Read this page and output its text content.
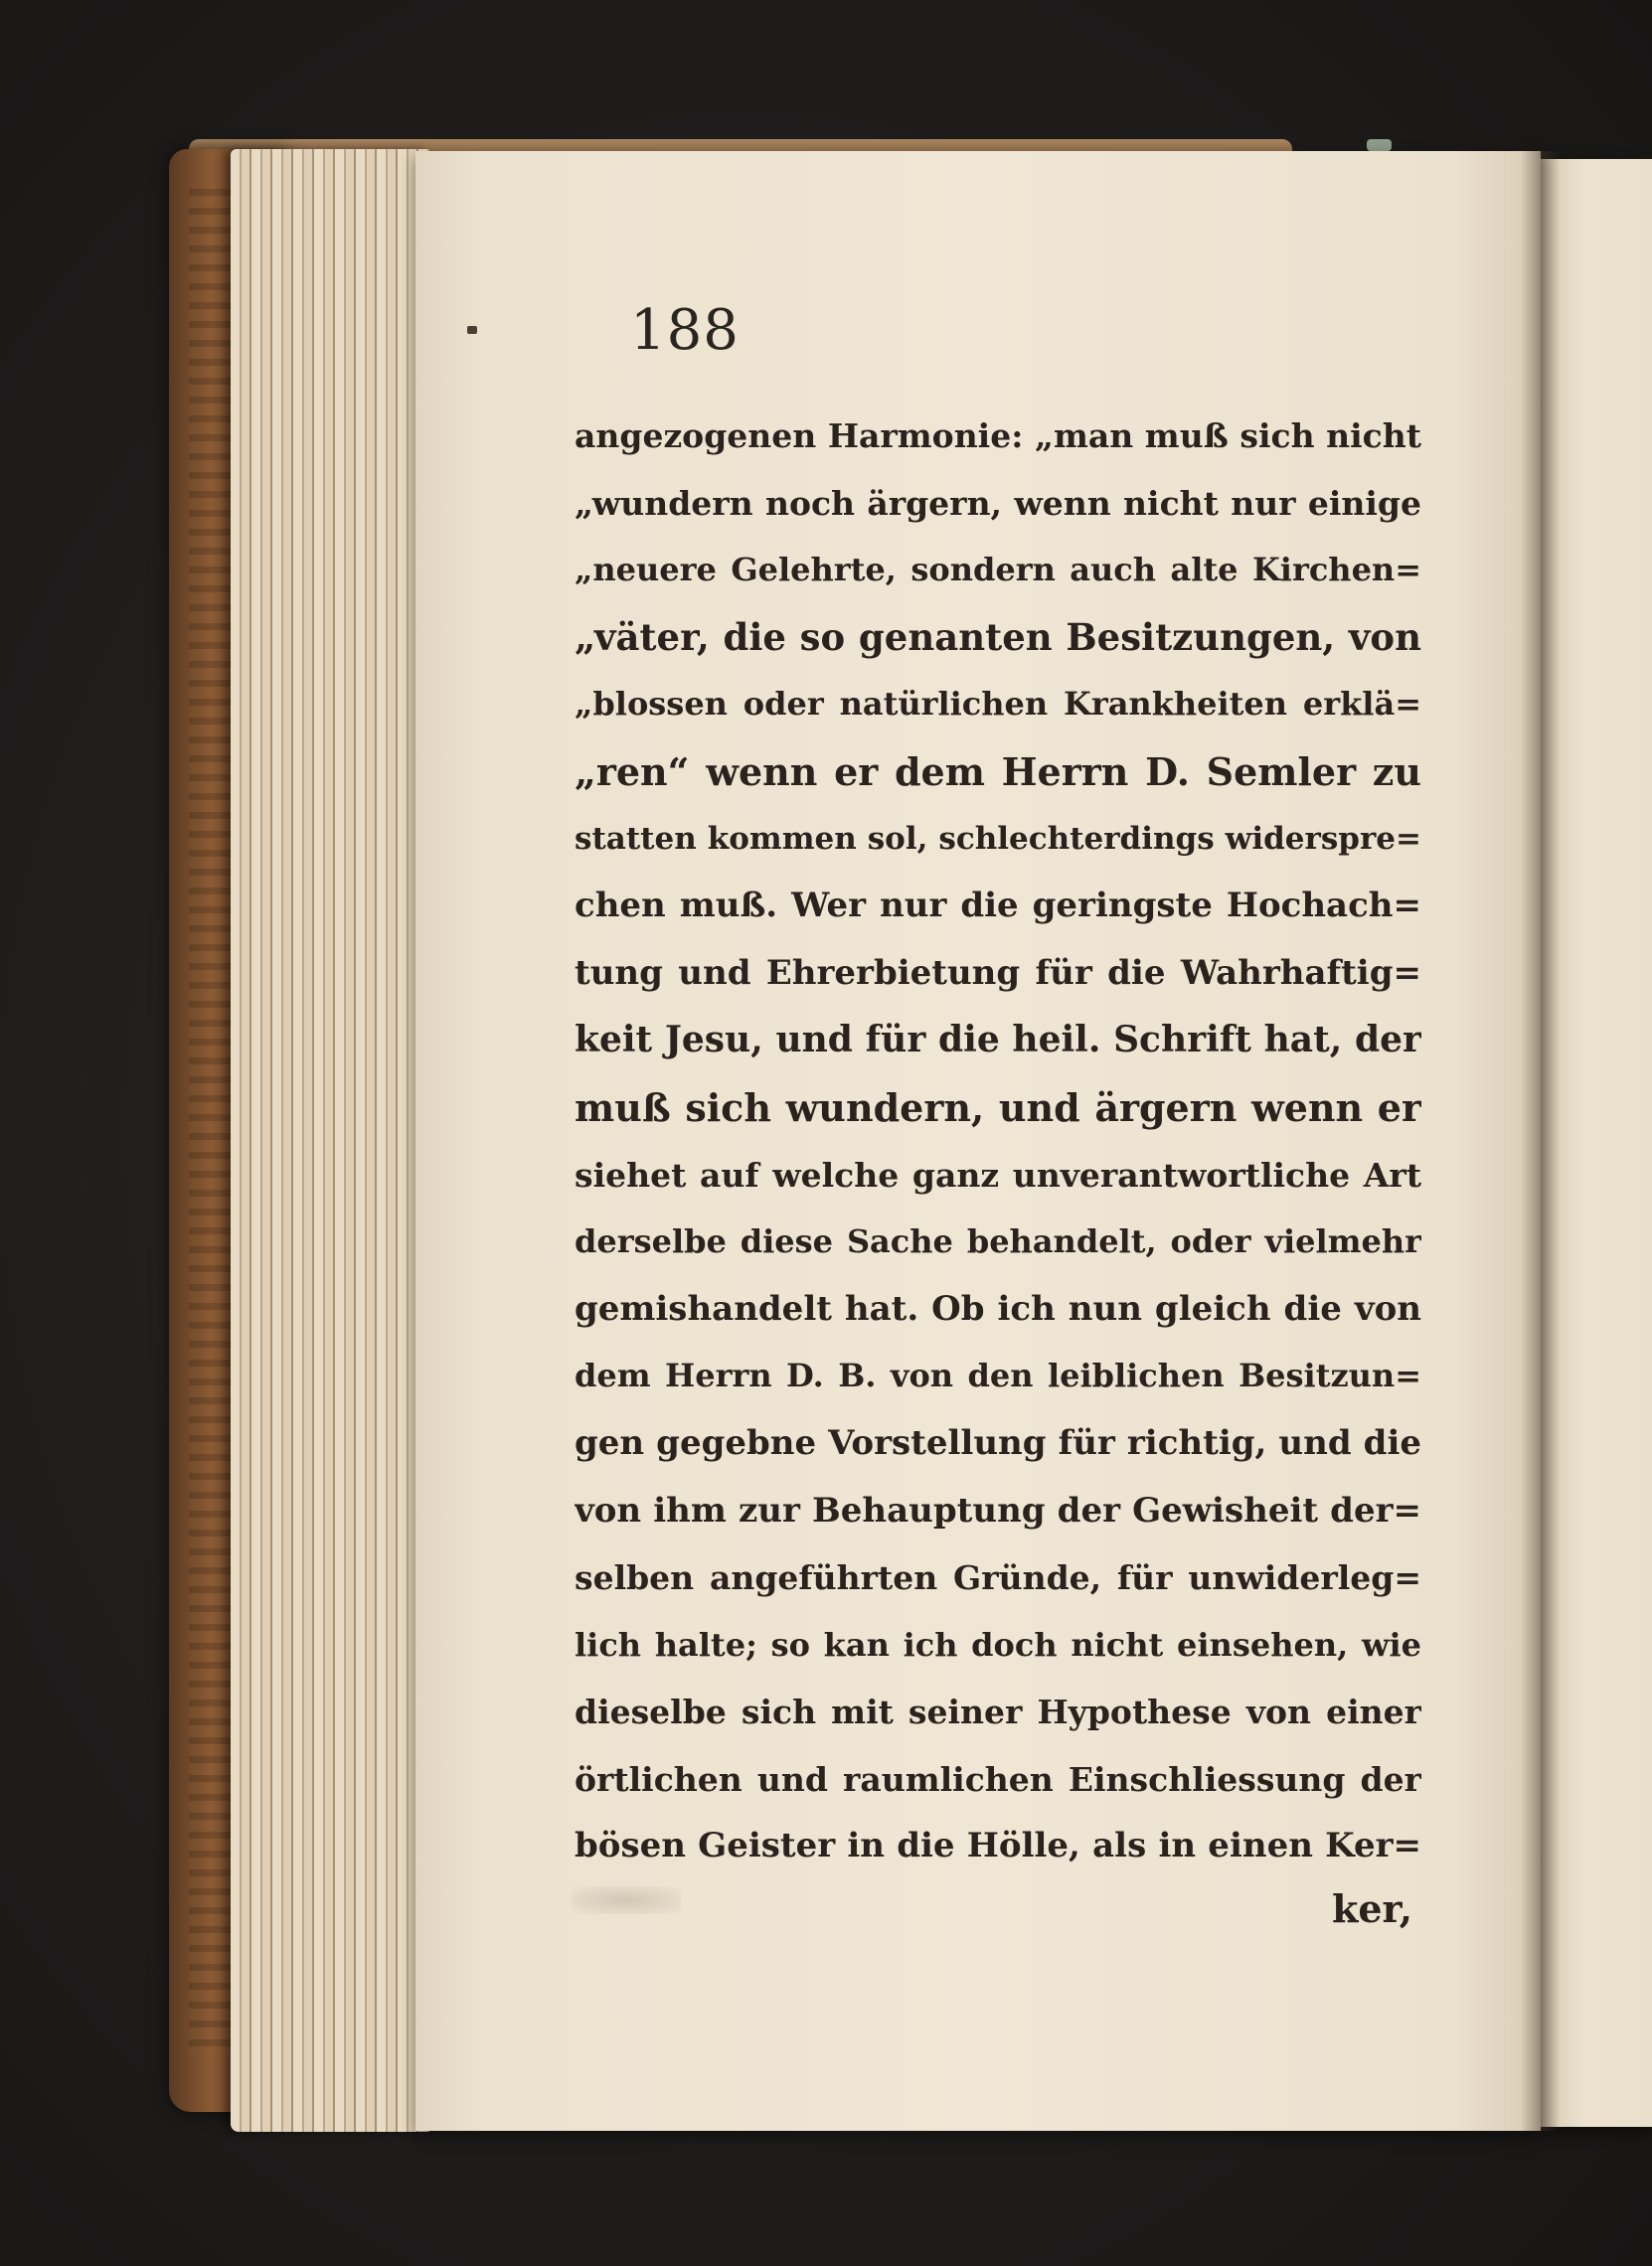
188
angezogenen Harmonie: „man muß sich nicht
„wundern noch ärgern, wenn nicht nur einige
„neuere Gelehrte, sondern auch alte Kirchen=
„väter, die so genanten Besitzungen, von
„blossen oder natürlichen Krankheiten erklä=
„ren“ wenn er dem Herrn D. Semler zu
statten kommen sol, schlechterdings widerspre=
chen muß. Wer nur die geringste Hochach=
tung und Ehrerbietung für die Wahrhaftig=
keit Jesu, und für die heil. Schrift hat, der
muß sich wundern, und ärgern wenn er
siehet auf welche ganz unverantwortliche Art
derselbe diese Sache behandelt, oder vielmehr
gemishandelt hat. Ob ich nun gleich die von
dem Herrn D. B. von den leiblichen Besitzun=
gen gegebne Vorstellung für richtig, und die
von ihm zur Behauptung der Gewisheit der=
selben angeführten Gründe, für unwiderleg=
lich halte; so kan ich doch nicht einsehen, wie
dieselbe sich mit seiner Hypothese von einer
örtlichen und raumlichen Einschliessung der
bösen Geister in die Hölle, als in einen Ker=
ker,
